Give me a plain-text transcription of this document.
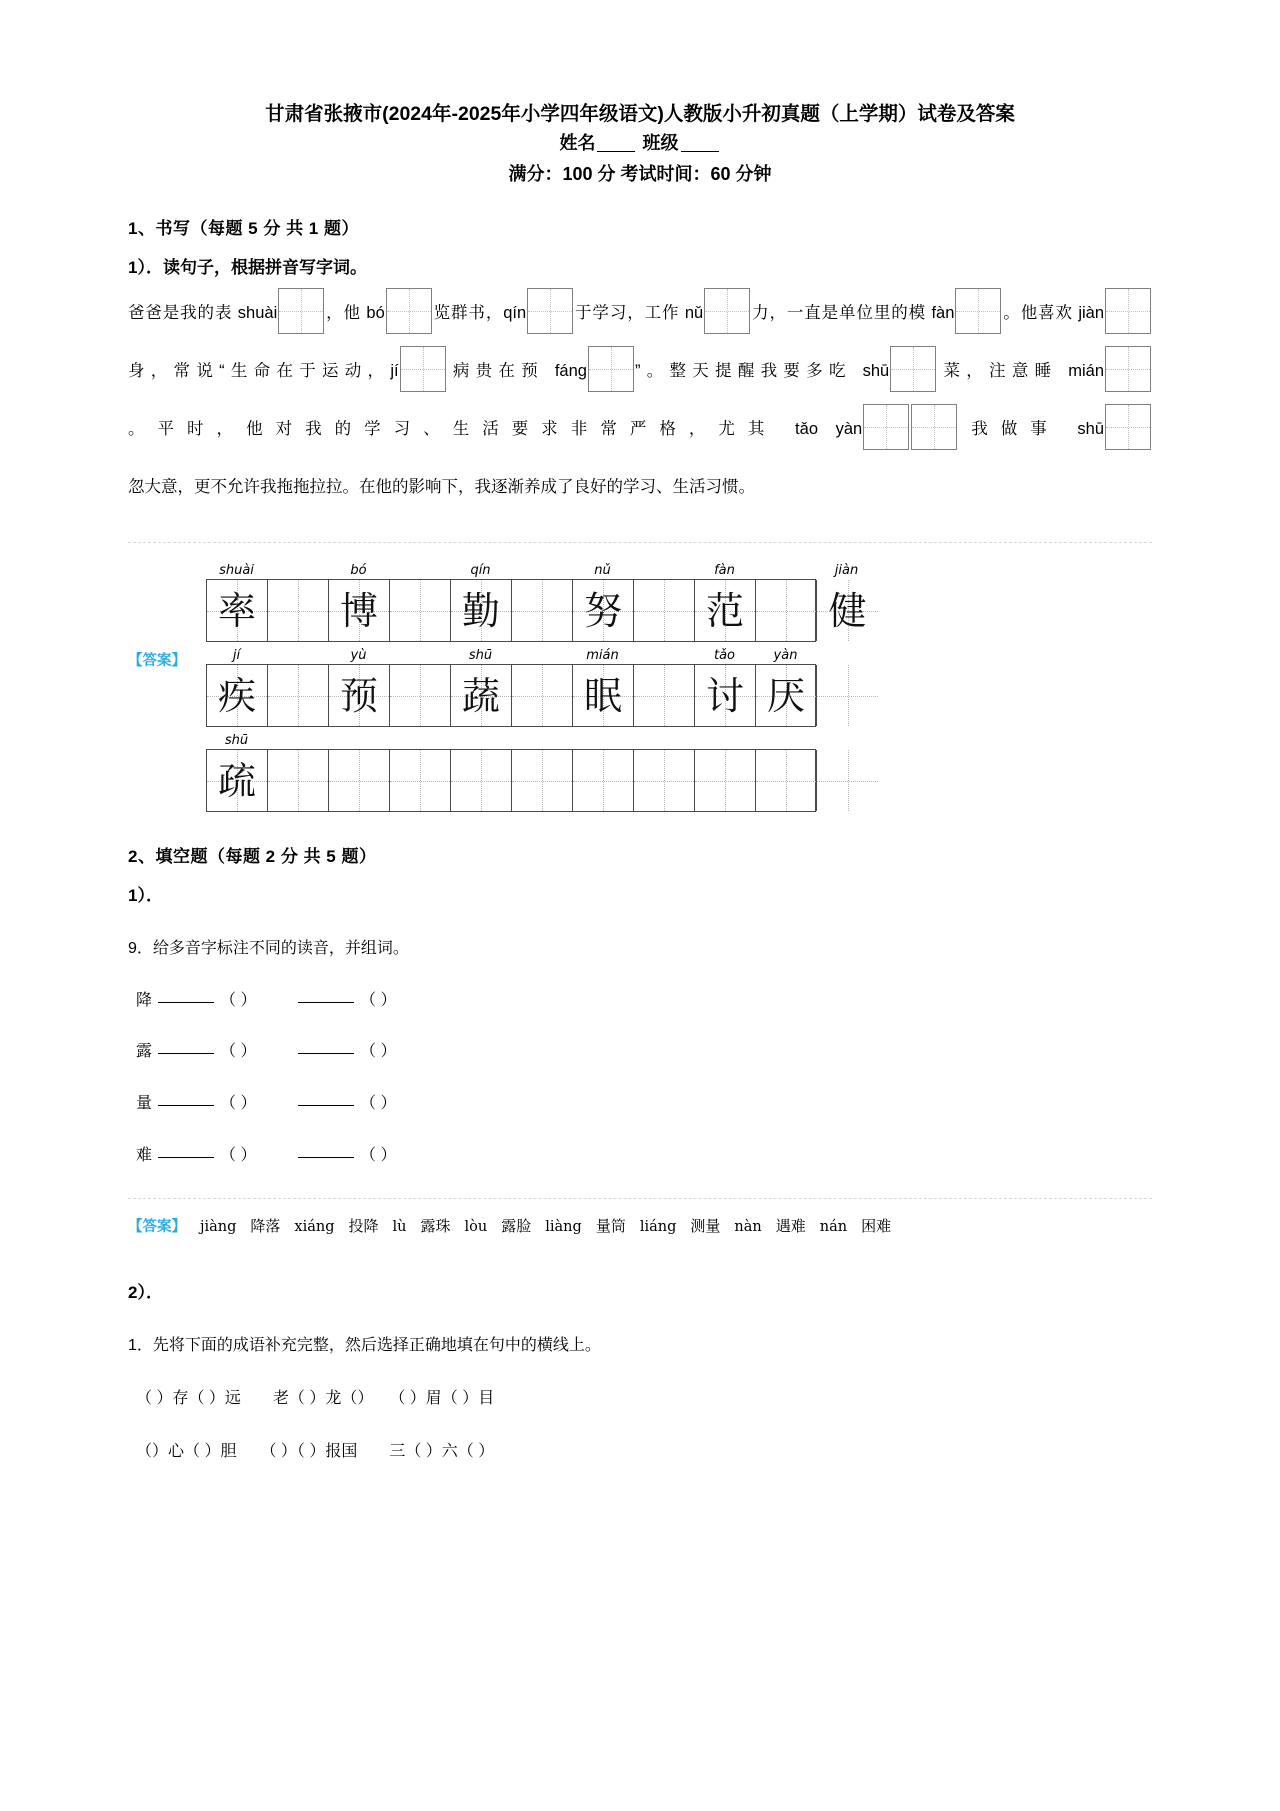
甘肃省张掖市(2024年-2025年小学四年级语文)人教版小升初真题（上学期）试卷及答案
姓名	班级
满分：100 分 考试时间：60 分钟
1、书写（每题 5 分 共 1 题）
1）．读句子，根据拼音写字词。
爸爸是我的表 shuài	，他 bó	览群书，qín	于学习，工作 nǔ	力，一直是单位里的模 fàn	。他喜欢 jiàn身，常说“生命在于运动，jí	病贵在预 fáng	”。整天提醒我要多吃 shū	菜，注意睡 mián。平时，他对我的学习、生活要求非常严格，尤其 tǎo yàn	我做事 shū忽大意，更不允许我拖拖拉拉。在他的影响下，我逐渐养成了良好的学习、生活习惯。
【答案】
shuài	bó	qín	nǔ	fàn	jiàn
率 博 勤 努 范	健
jí	yù	shū	mián	tǎo	yàn
疾 预 蔬 眠 讨 厌
shū
疏
2、填空题（每题 2 分 共 5 题）
1）．
9．给多音字标注不同的读音，并组词。
降	（ ）	（ ）
露	（ ）	（ ）
量	（ ）	（ ）
难	（ ）	（ ）
【答案】 jiàng 降落 xiáng 投降 lù 露珠 lòu 露脸 liàng 量筒 liáng 测量 nàn 遇难 nán 困难
2）．
1．先将下面的成语补充完整，然后选择正确地填在句中的横线上。
（ ）存（ ）远　　老（ ）龙（）　　（ ）眉（ ）目
（）心（ ）胆　　（ ）（ ）报国　　三（ ）六（ ）
